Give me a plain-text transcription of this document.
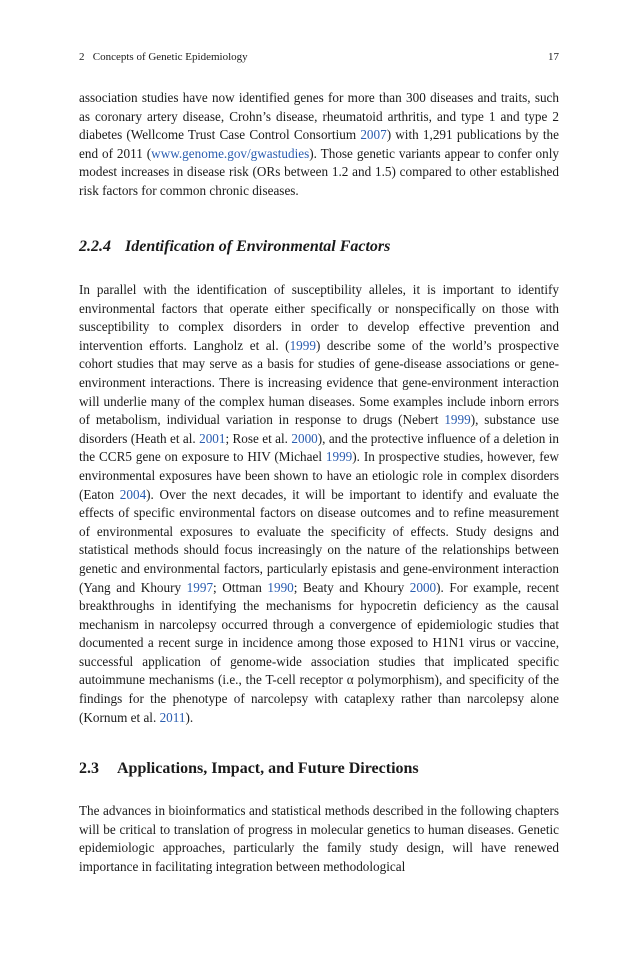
2   Concepts of Genetic Epidemiology	17

association studies have now identified genes for more than 300 diseases and traits, such as coronary artery disease, Crohn’s disease, rheumatoid arthritis, and type 1 and type 2 diabetes (Wellcome Trust Case Control Consortium 2007) with 1,291 publications by the end of 2011 (www.genome.gov/gwastudies). Those genetic variants appear to confer only modest increases in disease risk (ORs between 1.2 and 1.5) compared to other established risk factors for common chronic diseases.

2.2.4 Identification of Environmental Factors

In parallel with the identification of susceptibility alleles, it is important to identify environmental factors that operate either specifically or nonspecifically on those with susceptibility to complex disorders in order to develop effective prevention and intervention efforts. Langholz et al. (1999) describe some of the world’s prospective cohort studies that may serve as a basis for studies of gene-disease associations or gene-environment interactions. There is increasing evidence that gene-environment interaction will underlie many of the complex human diseases. Some examples include inborn errors of metabolism, individual variation in response to drugs (Nebert 1999), substance use disorders (Heath et al. 2001; Rose et al. 2000), and the protective influence of a deletion in the CCR5 gene on exposure to HIV (Michael 1999). In prospective studies, however, few environmental exposures have been shown to have an etiologic role in complex disorders (Eaton 2004). Over the next decades, it will be important to identify and evaluate the effects of specific environmental factors on disease outcomes and to refine measurement of environmental exposures to evaluate the specificity of effects. Study designs and statistical methods should focus increasingly on the nature of the relationships between genetic and environmental factors, particularly epistasis and gene-environment interaction (Yang and Khoury 1997; Ottman 1990; Beaty and Khoury 2000). For example, recent breakthroughs in identifying the mechanisms for hypocretin deficiency as the causal mechanism in narcolepsy occurred through a convergence of epidemiologic studies that documented a recent surge in incidence among those exposed to H1N1 virus or vaccine, successful application of genome-wide association studies that implicated specific autoimmune mechanisms (i.e., the T-cell receptor α polymorphism), and specificity of the findings for the phenotype of narcolepsy with cataplexy rather than narcolepsy alone (Kornum et al. 2011).

2.3 Applications, Impact, and Future Directions

The advances in bioinformatics and statistical methods described in the following chapters will be critical to translation of progress in molecular genetics to human diseases. Genetic epidemiologic approaches, particularly the family study design, will have renewed importance in facilitating integration between methodological
